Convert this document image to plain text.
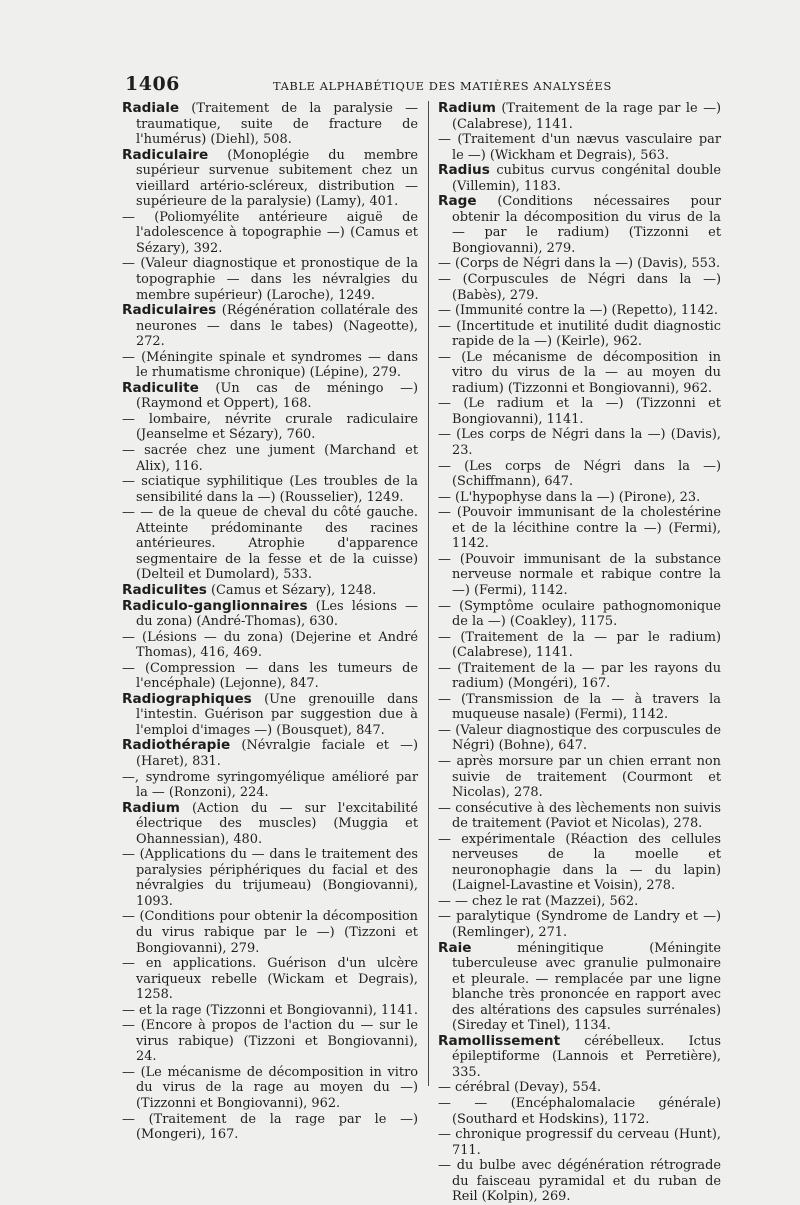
1406	TABLE ALPHABÉTIQUE DES MATIÈRES ANALYSÉES

Radiale (Traitement de la paralysie — traumatique, suite de fracture de l'humérus) (Diehl), 508.

Radiculaire (Monoplégie du membre supérieur survenue subitement chez un vieillard artério-scléreux, distribution — supérieure de la paralysie) (Lamy), 401.

— (Poliomyélite antérieure aiguë de l'adolescence à topographie —) (Camus et Sézary), 392.

— (Valeur diagnostique et pronostique de la topographie — dans les névralgies du membre supérieur) (Laroche), 1249.

Radiculaires (Régénération collatérale des neurones — dans le tabes) (Nageotte), 272.

— (Méningite spinale et syndromes — dans le rhumatisme chronique) (Lépine), 279.

Radiculite (Un cas de méningo —) (Raymond et Oppert), 168.

— lombaire, névrite crurale radiculaire (Jeanselme et Sézary), 760.

— sacrée chez une jument (Marchand et Alix), 116.

— sciatique syphilitique (Les troubles de la sensibilité dans la —) (Rousselier), 1249.

— — de la queue de cheval du côté gauche. Atteinte prédominante des racines antérieures. Atrophie d'apparence segmentaire de la fesse et de la cuisse) (Delteil et Dumolard), 533.

Radiculites (Camus et Sézary), 1248.

Radiculo-ganglionnaires (Les lésions — du zona) (André-Thomas), 630.

— (Lésions — du zona) (Dejerine et André Thomas), 416, 469.

— (Compression — dans les tumeurs de l'encéphale) (Lejonne), 847.

Radiographiques (Une grenouille dans l'intestin. Guérison par suggestion due à l'emploi d'images —) (Bousquet), 847.

Radiothérapie (Névralgie faciale et —) (Haret), 831.

—, syndrome syringomyélique amélioré par la — (Ronzoni), 224.

Radium (Action du — sur l'excitabilité électrique des muscles) (Muggia et Ohannessian), 480.

— (Applications du — dans le traitement des paralysies périphériques du facial et des névralgies du trijumeau) (Bongiovanni), 1093.

— (Conditions pour obtenir la décomposition du virus rabique par le —) (Tizzoni et Bongiovanni), 279.

— en applications. Guérison d'un ulcère variqueux rebelle (Wickam et Degrais), 1258.

— et la rage (Tizzonni et Bongiovanni), 1141.

— (Encore à propos de l'action du — sur le virus rabique) (Tizzoni et Bongiovanni), 24.

— (Le mécanisme de décomposition in vitro du virus de la rage au moyen du —) (Tizzonni et Bongiovanni), 962.

— (Traitement de la rage par le —) (Mongeri), 167.

Radium (Traitement de la rage par le —) (Calabrese), 1141.

— (Traitement d'un nævus vasculaire par le —) (Wickham et Degrais), 563.

Radius cubitus curvus congénital double (Villemin), 1183.

Rage (Conditions nécessaires pour obtenir la décomposition du virus de la — par le radium) (Tizzonni et Bongiovanni), 279.

— (Corps de Négri dans la —) (Davis), 553.

— (Corpuscules de Négri dans la —) (Babès), 279.

— (Immunité contre la —) (Repetto), 1142.

— (Incertitude et inutilité dudit diagnostic rapide de la —) (Keirle), 962.

— (Le mécanisme de décomposition in vitro du virus de la — au moyen du radium) (Tizzonni et Bongiovanni), 962.

— (Le radium et la —) (Tizzonni et Bongiovanni), 1141.

— (Les corps de Négri dans la —) (Davis), 23.

— (Les corps de Négri dans la —) (Schiffmann), 647.

— (L'hypophyse dans la —) (Pirone), 23.

— (Pouvoir immunisant de la cholestérine et de la lécithine contre la —) (Fermi), 1142.

— (Pouvoir immunisant de la substance nerveuse normale et rabique contre la —) (Fermi), 1142.

— (Symptôme oculaire pathognomonique de la —) (Coakley), 1175.

— (Traitement de la — par le radium) (Calabrese), 1141.

— (Traitement de la — par les rayons du radium) (Mongéri), 167.

— (Transmission de la — à travers la muqueuse nasale) (Fermi), 1142.

— (Valeur diagnostique des corpuscules de Négri) (Bohne), 647.

— après morsure par un chien errant non suivie de traitement (Courmont et Nicolas), 278.

— consécutive à des lèchements non suivis de traitement (Paviot et Nicolas), 278.

— expérimentale (Réaction des cellules nerveuses de la moelle et neuronophagie dans la — du lapin) (Laignel-Lavastine et Voisin), 278.

— — chez le rat (Mazzei), 562.

— paralytique (Syndrome de Landry et —) (Remlinger), 271.

Raie méningitique (Méningite tuberculeuse avec granulie pulmonaire et pleurale. — remplacée par une ligne blanche très prononcée en rapport avec des altérations des capsules surrénales) (Sireday et Tinel), 1134.

Ramollissement cérébelleux. Ictus épileptiforme (Lannois et Perretière), 335.

— cérébral (Devay), 554.

— — (Encéphalomalacie générale) (Southard et Hodskins), 1172.

— chronique progressif du cerveau (Hunt), 711.

— du bulbe avec dégénération rétrograde du faisceau pyramidal et du ruban de Reil (Kolpin), 269.
